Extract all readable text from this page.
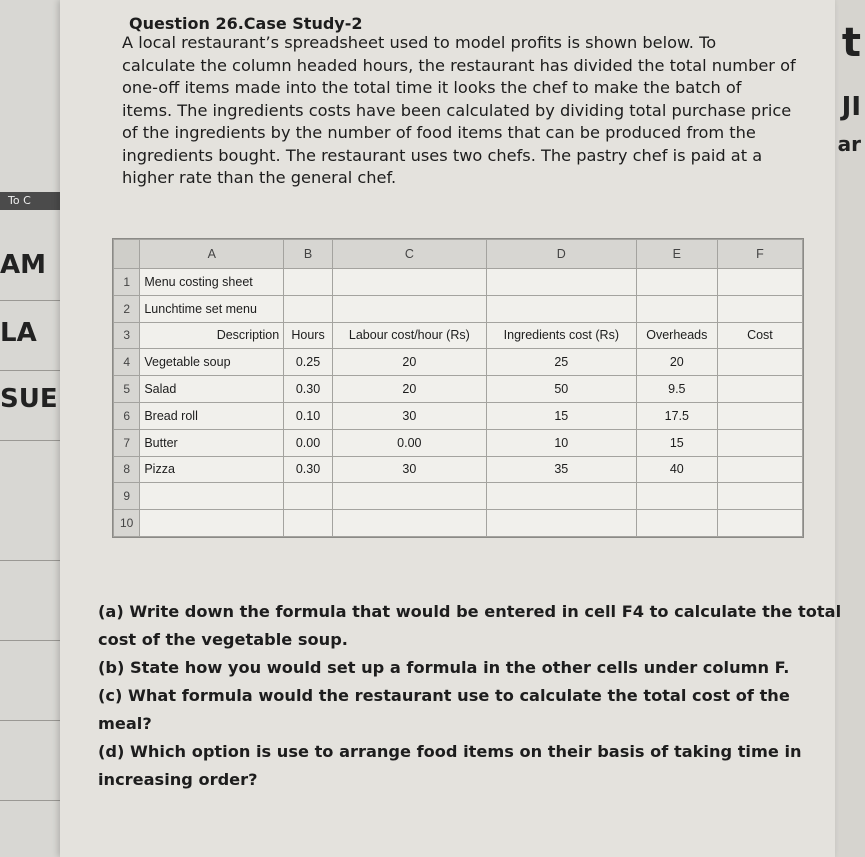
To C
AM
LA
SUE
t
JI
ar
Question 26.Case Study-2

A local restaurant’s spreadsheet used to model profits is shown below. To

calculate the column headed hours, the restaurant has divided the total number of

one-off items made into the total time it looks the chef to make the batch of

items. The ingredients costs have been calculated by dividing total purchase price

of the ingredients by the number of food items that can be produced from the

ingredients bought. The restaurant uses two chefs. The pastry chef is paid at a

higher rate than the general chef.

	A	B	C	D	E	F
1	Menu costing sheet					
2	Lunchtime set menu					
3	Description	Hours	Labour cost/hour (Rs)	Ingredients cost (Rs)	Overheads	Cost
4	Vegetable soup	0.25	20	25	20	
5	Salad	0.30	20	50	9.5	
6	Bread roll	0.10	30	15	17.5	
7	Butter	0.00	0.00	10	15	
8	Pizza	0.30	30	35	40	
9						
10						

(a) Write down the formula that would be entered in cell F4 to calculate the total

cost of the vegetable soup.

(b) State how you would set up a formula in the other cells under column F.

(c) What formula would the restaurant use to calculate the total cost of the

meal?

(d) Which option is use to arrange food items on their basis of taking time in

increasing order?
